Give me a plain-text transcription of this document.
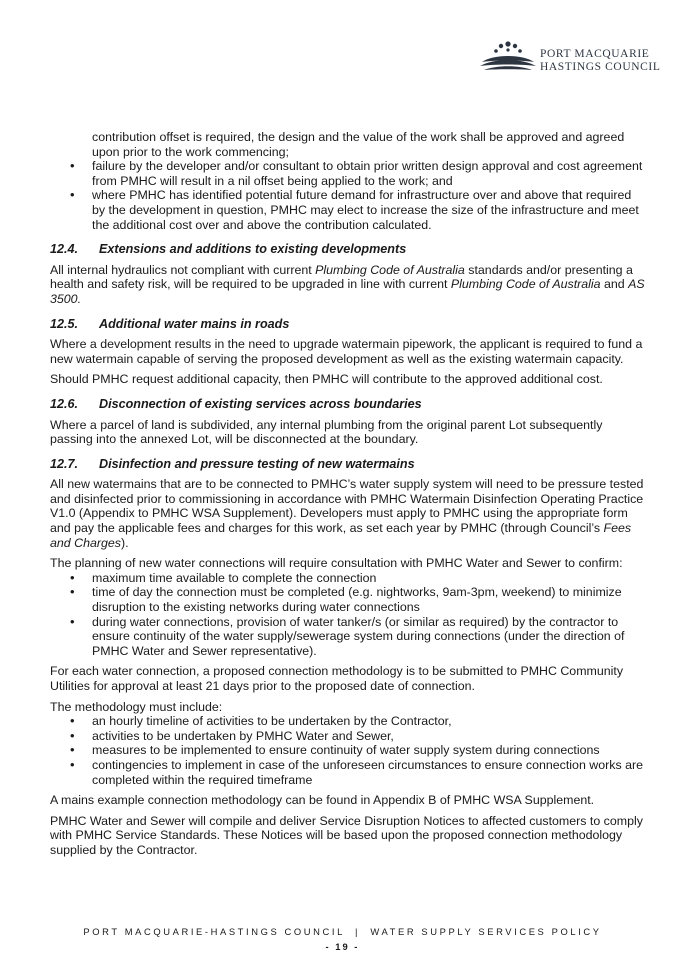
PORT MACQUARIE
HASTINGS COUNCIL
contribution offset is required, the design and the value of the work shall be approved and agreed upon prior to the work commencing;
• failure by the developer and/or consultant to obtain prior written design approval and cost agreement from PMHC will result in a nil offset being applied to the work; and
• where PMHC has identified potential future demand for infrastructure over and above that required by the development in question, PMHC may elect to increase the size of the infrastructure and meet the additional cost over and above the contribution calculated.
12.4. Extensions and additions to existing developments

All internal hydraulics not compliant with current Plumbing Code of Australia standards and/or presenting a health and safety risk, will be required to be upgraded in line with current Plumbing Code of Australia and AS 3500.

12.5. Additional water mains in roads

Where a development results in the need to upgrade watermain pipework, the applicant is required to fund a new watermain capable of serving the proposed development as well as the existing watermain capacity.

Should PMHC request additional capacity, then PMHC will contribute to the approved additional cost.

12.6. Disconnection of existing services across boundaries

Where a parcel of land is subdivided, any internal plumbing from the original parent Lot subsequently passing into the annexed Lot, will be disconnected at the boundary.

12.7. Disinfection and pressure testing of new watermains

All new watermains that are to be connected to PMHC’s water supply system will need to be pressure tested and disinfected prior to commissioning in accordance with PMHC Watermain Disinfection Operating Practice V1.0 (Appendix to PMHC WSA Supplement). Developers must apply to PMHC using the appropriate form and pay the applicable fees and charges for this work, as set each year by PMHC (through Council’s Fees and Charges).

The planning of new water connections will require consultation with PMHC Water and Sewer to confirm:

• maximum time available to complete the connection
• time of day the connection must be completed (e.g. nightworks, 9am-3pm, weekend) to minimize disruption to the existing networks during water connections
• during water connections, provision of water tanker/s (or similar as required) by the contractor to ensure continuity of the water supply/sewerage system during connections (under the direction of PMHC Water and Sewer representative).

For each water connection, a proposed connection methodology is to be submitted to PMHC Community Utilities for approval at least 21 days prior to the proposed date of connection.

The methodology must include:

• an hourly timeline of activities to be undertaken by the Contractor,
• activities to be undertaken by PMHC Water and Sewer,
• measures to be implemented to ensure continuity of water supply system during connections
• contingencies to implement in case of the unforeseen circumstances to ensure connection works are completed within the required timeframe

A mains example connection methodology can be found in Appendix B of PMHC WSA Supplement.

PMHC Water and Sewer will compile and deliver Service Disruption Notices to affected customers to comply with PMHC Service Standards. These Notices will be based upon the proposed connection methodology supplied by the Contractor.

PORT MACQUARIE-HASTINGS COUNCIL  |  WATER SUPPLY SERVICES POLICY
- 19 -
